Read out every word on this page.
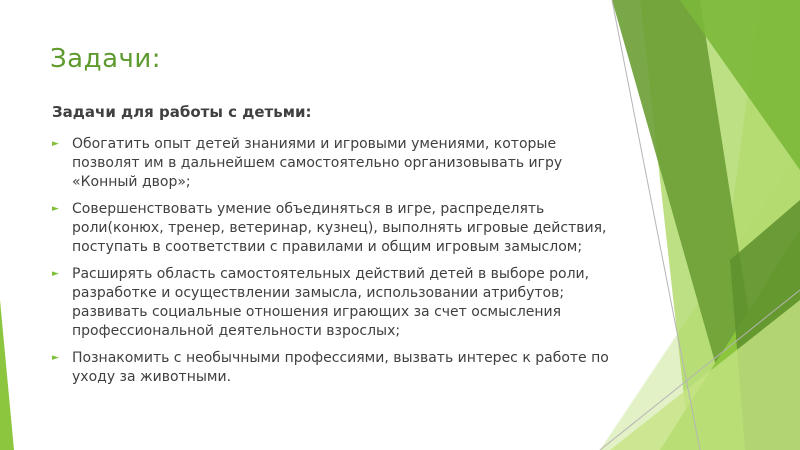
Задачи:
Задачи для работы с детьми:
► Обогатить опыт детей знаниями и игровыми умениями, которые позволят им в дальнейшем самостоятельно организовывать игру «Конный двор»;
► Совершенствовать умение объединяться в игре, распределять роли(конюх, тренер, ветеринар, кузнец), выполнять игровые действия, поступать в соответствии с правилами и общим игровым замыслом;
► Расширять область самостоятельных действий детей в выборе роли, разработке и осуществлении замысла, использовании атрибутов; развивать социальные отношения играющих за счет осмысления профессиональной деятельности взрослых;
► Познакомить с необычными профессиями, вызвать интерес к работе по уходу за животными.
